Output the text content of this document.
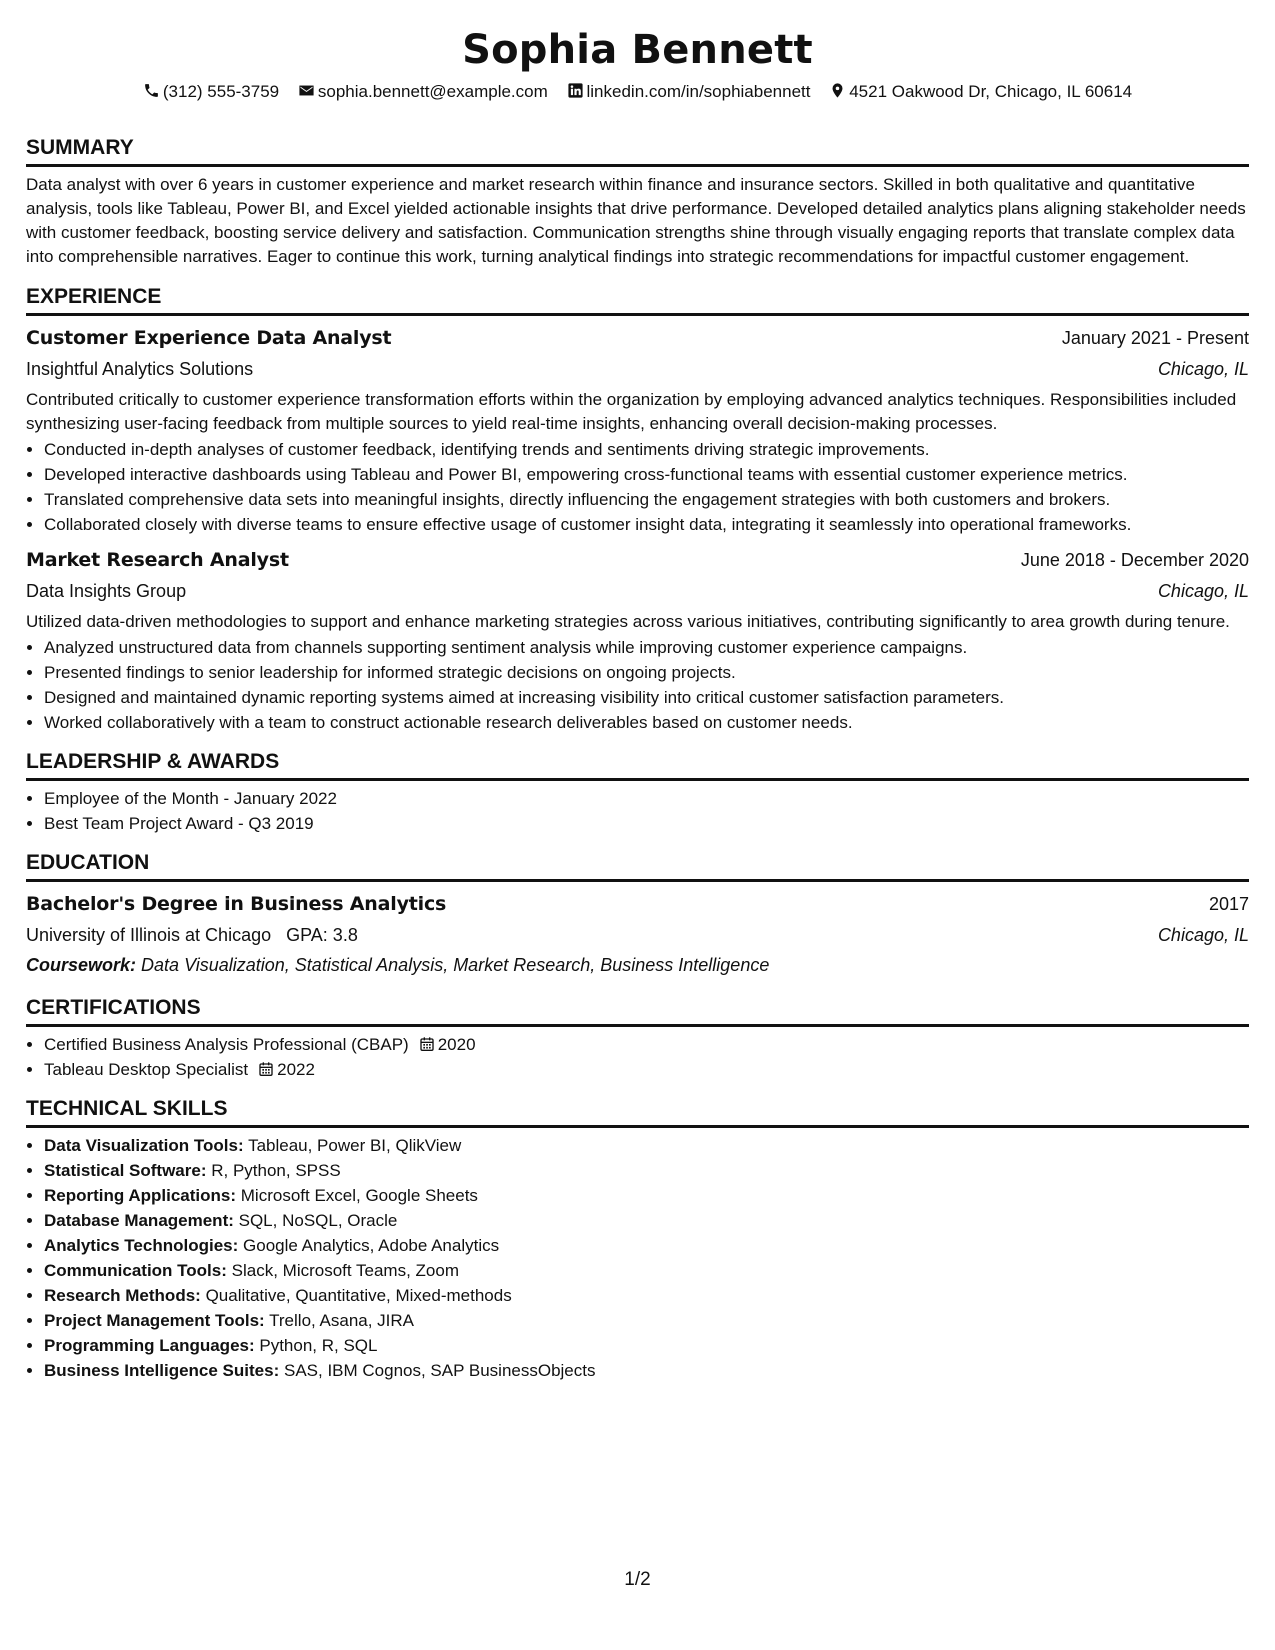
Sophia Bennett
(312) 555-3759 sophia.bennett@example.com linkedin.com/in/sophiabennett 4521 Oakwood Dr, Chicago, IL 60614
SUMMARY

Data analyst with over 6 years in customer experience and market research within finance and insurance sectors. Skilled in both qualitative and quantitative analysis, tools like Tableau, Power BI, and Excel yielded actionable insights that drive performance. Developed detailed analytics plans aligning stakeholder needs with customer feedback, boosting service delivery and satisfaction. Communication strengths shine through visually engaging reports that translate complex data into comprehensible narratives. Eager to continue this work, turning analytical findings into strategic recommendations for impactful customer engagement.

EXPERIENCE
Customer Experience Data Analyst	January 2021 - Present
Insightful Analytics Solutions	Chicago, IL

Contributed critically to customer experience transformation efforts within the organization by employing advanced analytics techniques. Responsibilities included synthesizing user-facing feedback from multiple sources to yield real-time insights, enhancing overall decision-making processes.

• Conducted in-depth analyses of customer feedback, identifying trends and sentiments driving strategic improvements.
• Developed interactive dashboards using Tableau and Power BI, empowering cross-functional teams with essential customer experience metrics.
• Translated comprehensive data sets into meaningful insights, directly influencing the engagement strategies with both customers and brokers.
• Collaborated closely with diverse teams to ensure effective usage of customer insight data, integrating it seamlessly into operational frameworks.
Market Research Analyst	June 2018 - December 2020
Data Insights Group	Chicago, IL

Utilized data-driven methodologies to support and enhance marketing strategies across various initiatives, contributing significantly to area growth during tenure.

• Analyzed unstructured data from channels supporting sentiment analysis while improving customer experience campaigns.
• Presented findings to senior leadership for informed strategic decisions on ongoing projects.
• Designed and maintained dynamic reporting systems aimed at increasing visibility into critical customer satisfaction parameters.
• Worked collaboratively with a team to construct actionable research deliverables based on customer needs.
LEADERSHIP & AWARDS
• Employee of the Month - January 2022
• Best Team Project Award - Q3 2019
EDUCATION
Bachelor's Degree in Business Analytics	2017
University of Illinois at Chicago GPA: 3.8	Chicago, IL
Coursework: Data Visualization, Statistical Analysis, Market Research, Business Intelligence
CERTIFICATIONS
• Certified Business Analysis Professional (CBAP) 2020
• Tableau Desktop Specialist 2022
TECHNICAL SKILLS
• Data Visualization Tools: Tableau, Power BI, QlikView
• Statistical Software: R, Python, SPSS
• Reporting Applications: Microsoft Excel, Google Sheets
• Database Management: SQL, NoSQL, Oracle
• Analytics Technologies: Google Analytics, Adobe Analytics
• Communication Tools: Slack, Microsoft Teams, Zoom
• Research Methods: Qualitative, Quantitative, Mixed-methods
• Project Management Tools: Trello, Asana, JIRA
• Programming Languages: Python, R, SQL
• Business Intelligence Suites: SAS, IBM Cognos, SAP BusinessObjects
1/2
